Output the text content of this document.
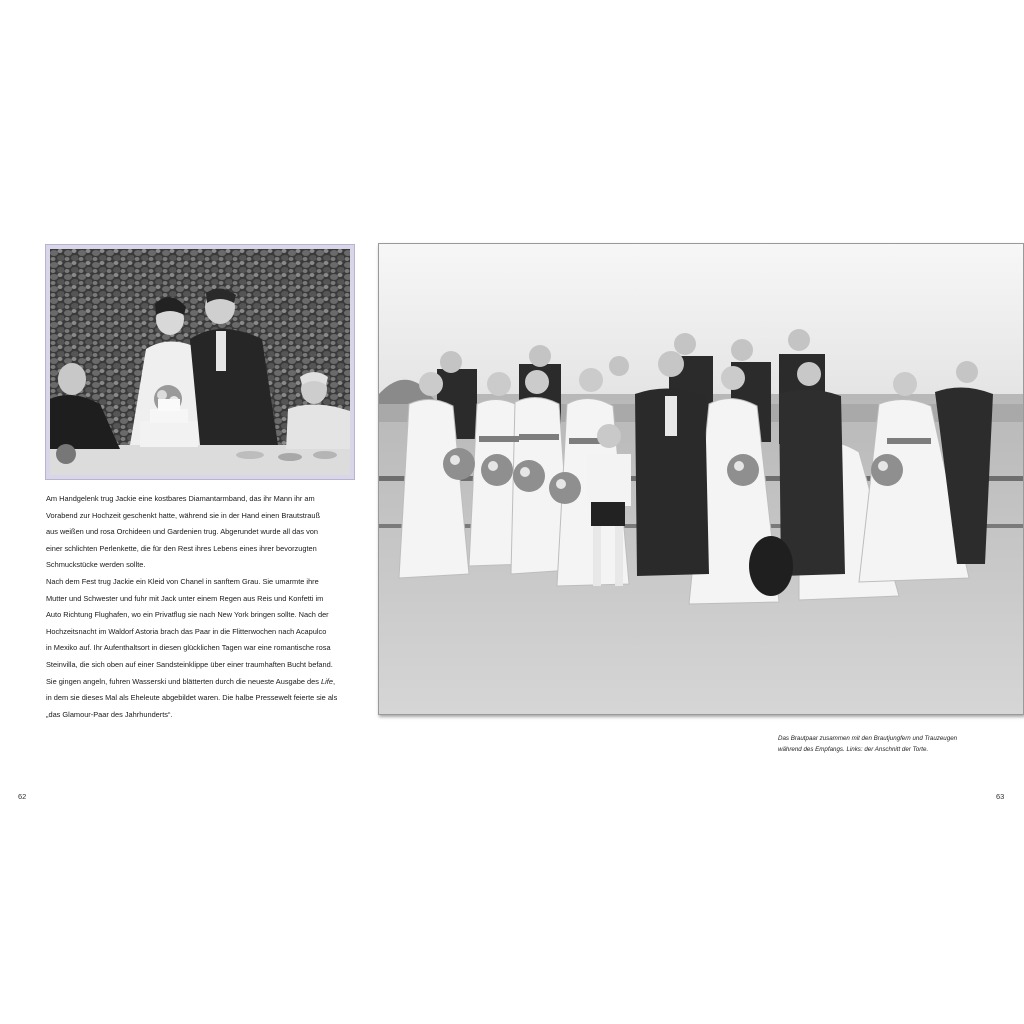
Am Handgelenk trug Jackie eine kostbares Diamantarmband, das ihr Mann ihr am
Vorabend zur Hochzeit geschenkt hatte, während sie in der Hand einen Brautstrauß
aus weißen und rosa Orchideen und Gardenien trug. Abgerundet wurde all das von
einer schlichten Perlenkette, die für den Rest ihres Lebens eines ihrer bevorzugten
Schmuckstücke werden sollte.
Nach dem Fest trug Jackie ein Kleid von Chanel in sanftem Grau. Sie umarmte ihre
Mutter und Schwester und fuhr mit Jack unter einem Regen aus Reis und Konfetti im
Auto Richtung Flughafen, wo ein Privatflug sie nach New York bringen sollte. Nach der
Hochzeitsnacht im Waldorf Astoria brach das Paar in die Flitterwochen nach Acapulco
in Mexiko auf. Ihr Aufenthaltsort in diesen glücklichen Tagen war eine romantische rosa
Steinvilla, die sich oben auf einer Sandsteinklippe über einer traumhaften Bucht befand.
Sie gingen angeln, fuhren Wasserski und blätterten durch die neueste Ausgabe des Life,
in dem sie dieses Mal als Eheleute abgebildet waren. Die halbe Pressewelt feierte sie als
„das Glamour-Paar des Jahrhunderts“.
Das Brautpaar zusammen mit den Brautjungfern und Trauzeugen
während des Empfangs. Links: der Anschnitt der Torte.
62	63
